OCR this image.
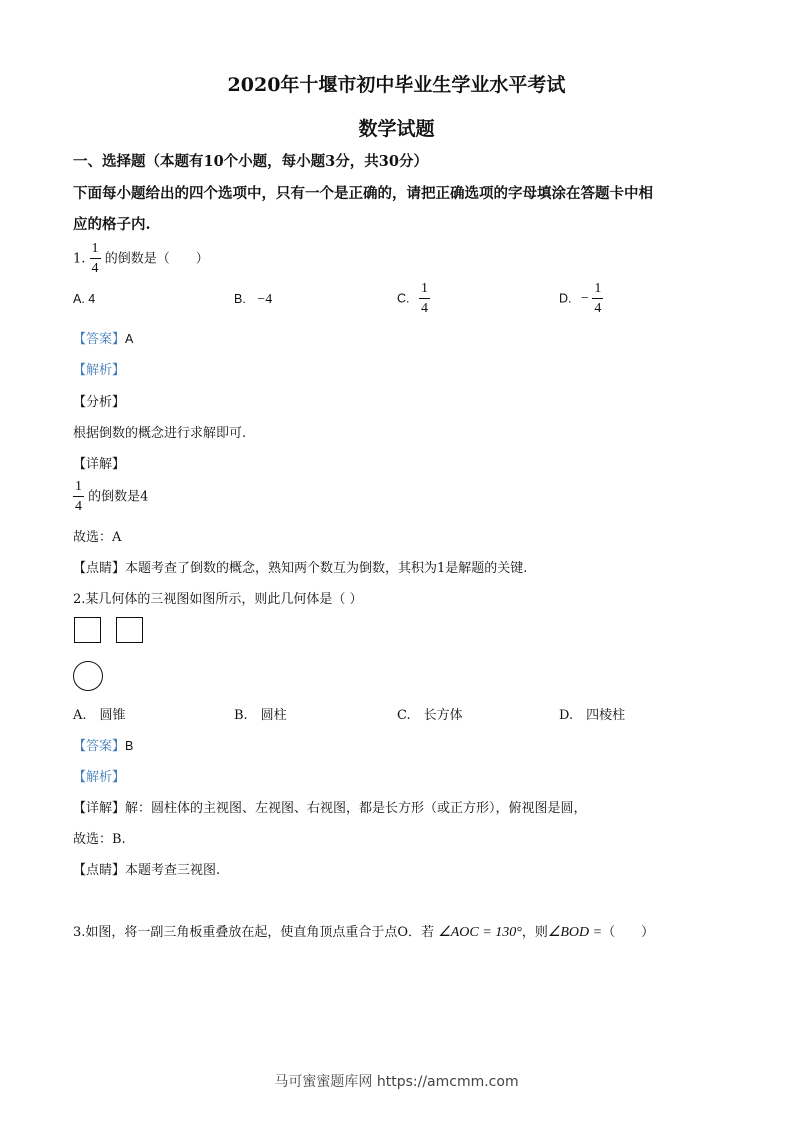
2020年十堰市初中毕业生学业水平考试
数学试题
一、选择题（本题有10个小题，每小题3分，共30分）
下面每小题给出的四个选项中，只有一个是正确的，请把正确选项的字母填涂在答题卡中相
应的格子内.
1. $\frac{1}{4}$ 的倒数是（　　）
A. 4	B. −4	C. $\frac{1}{4}$	D. − $\frac{1}{4}$
【答案】A
【解析】
【分析】
根据倒数的概念进行求解即可.
【详解】
$\frac{1}{4}$ 的倒数是4
故选：A
【点睛】本题考查了倒数的概念，熟知两个数互为倒数，其积为1是解题的关键.
2.某几何体的三视图如图所示，则此几何体是（ ）
A.　圆锥	B.　圆柱	C.　长方体	D.　四棱柱
【答案】B
【解析】
【详解】解：圆柱体的主视图、左视图、右视图，都是长方形（或正方形），俯视图是圆，
故选：B.
【点睛】本题考查三视图.
3.如图，将一副三角板重叠放在起，使直角顶点重合于点O．若 ∠AOC = 130°，则∠BOD =（　　）
马可蜜蜜题库网 https://amcmm.com
